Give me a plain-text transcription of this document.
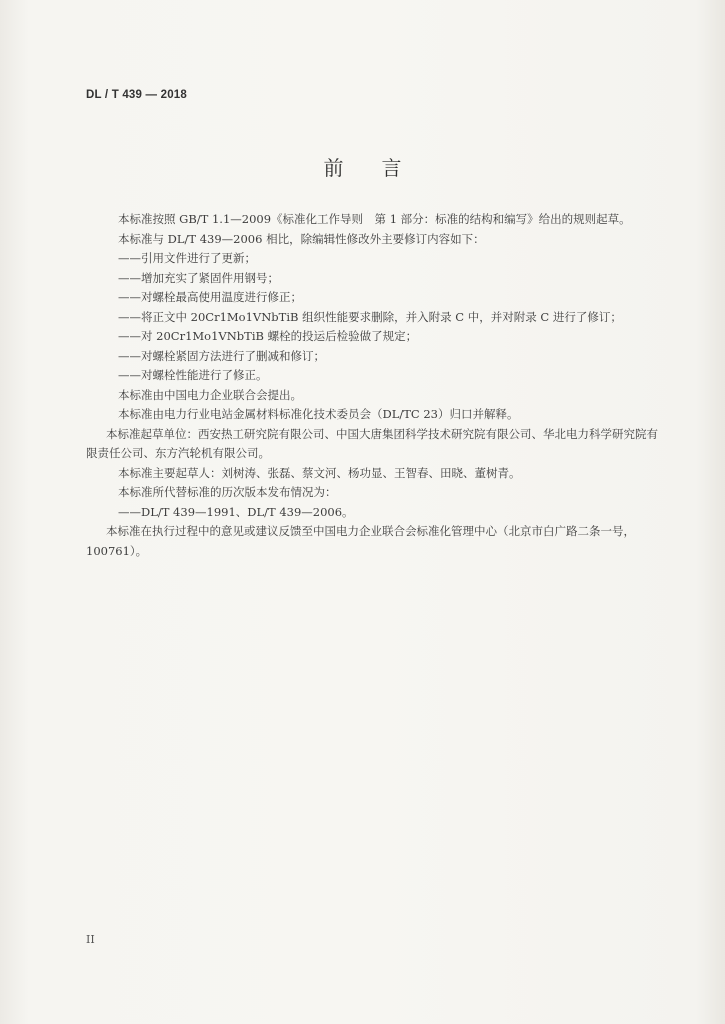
DL / T 439 — 2018
前言

本标准按照 GB/T 1.1—2009《标准化工作导则　第 1 部分：标准的结构和编写》给出的规则起草。

本标准与 DL/T 439—2006 相比，除编辑性修改外主要修订内容如下：

——引用文件进行了更新；

——增加充实了紧固件用钢号；

——对螺栓最高使用温度进行修正；

——将正文中 20Cr1Mo1VNbTiB 组织性能要求删除，并入附录 C 中，并对附录 C 进行了修订；

——对 20Cr1Mo1VNbTiB 螺栓的投运后检验做了规定；

——对螺栓紧固方法进行了删减和修订；

——对螺栓性能进行了修正。

本标准由中国电力企业联合会提出。

本标准由电力行业电站金属材料标准化技术委员会（DL/TC 23）归口并解释。

本标准起草单位：西安热工研究院有限公司、中国大唐集团科学技术研究院有限公司、华北电力科学研究院有限责任公司、东方汽轮机有限公司。

本标准主要起草人：刘树涛、张磊、蔡文河、杨功显、王智春、田晓、董树青。

本标准所代替标准的历次版本发布情况为：

——DL/T 439—1991、DL/T 439—2006。

本标准在执行过程中的意见或建议反馈至中国电力企业联合会标准化管理中心（北京市白广路二条一号，100761）。

II
